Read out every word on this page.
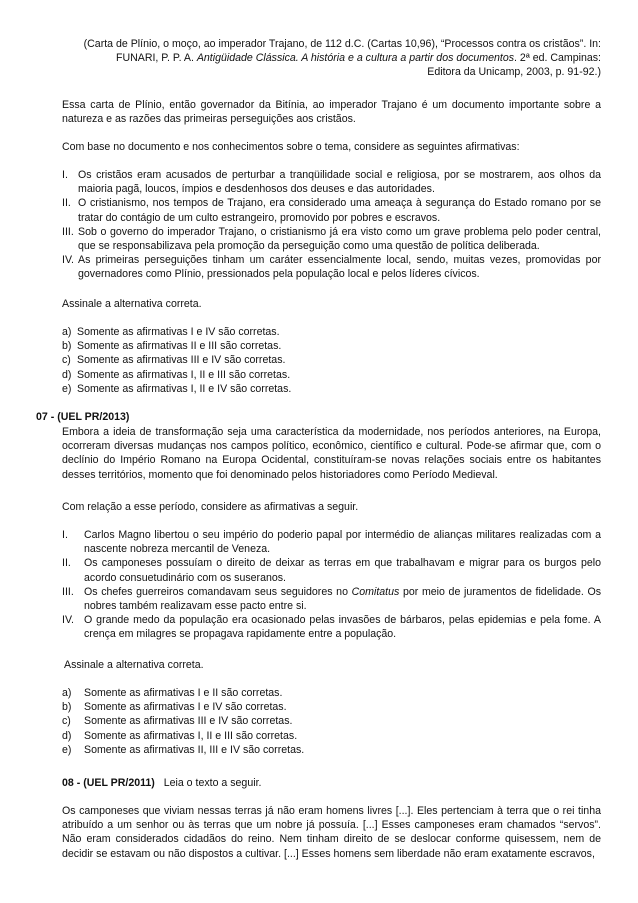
(Carta de Plínio, o moço, ao imperador Trajano, de 112 d.C. (Cartas 10,96), “Processos contra os cristãos”. In:

FUNARI, P. P. A. Antigüidade Clássica. A história e a cultura a partir dos documentos. 2ª ed. Campinas:

Editora da Unicamp, 2003, p. 91-92.)

Essa carta de Plínio, então governador da Bitínia, ao imperador Trajano é um documento importante sobre a natureza e as razões das primeiras perseguições aos cristãos.

Com base no documento e nos conhecimentos sobre o tema, considere as seguintes afirmativas:

I. Os cristãos eram acusados de perturbar a tranqüilidade social e religiosa, por se mostrarem, aos olhos da maioria pagã, loucos, ímpios e desdenhosos dos deuses e das autoridades.
II. O cristianismo, nos tempos de Trajano, era considerado uma ameaça à segurança do Estado romano por se tratar do contágio de um culto estrangeiro, promovido por pobres e escravos.
III. Sob o governo do imperador Trajano, o cristianismo já era visto como um grave problema pelo poder central, que se responsabilizava pela promoção da perseguição como uma questão de política deliberada.
IV. As primeiras perseguições tinham um caráter essencialmente local, sendo, muitas vezes, promovidas por governadores como Plínio, pressionados pela população local e pelos líderes cívicos.

Assinale a alternativa correta.

a) Somente as afirmativas I e IV são corretas.
b) Somente as afirmativas II e III são corretas.
c) Somente as afirmativas III e IV são corretas.
d) Somente as afirmativas I, II e III são corretas.
e) Somente as afirmativas I, II e IV são corretas.

07 - (UEL PR/2013)

Embora a ideia de transformação seja uma característica da modernidade, nos períodos anteriores, na Europa, ocorreram diversas mudanças nos campos político, econômico, científico e cultural. Pode-se afirmar que, com o declínio do Império Romano na Europa Ocidental, constituíram-se novas relações sociais entre os habitantes desses territórios, momento que foi denominado pelos historiadores como Período Medieval.

Com relação a esse período, considere as afirmativas a seguir.

I. Carlos Magno libertou o seu império do poderio papal por intermédio de alianças militares realizadas com a nascente nobreza mercantil de Veneza.
II. Os camponeses possuíam o direito de deixar as terras em que trabalhavam e migrar para os burgos pelo acordo consuetudinário com os suseranos.
III. Os chefes guerreiros comandavam seus seguidores no Comitatus por meio de juramentos de fidelidade. Os nobres também realizavam esse pacto entre si.
IV. O grande medo da população era ocasionado pelas invasões de bárbaros, pelas epidemias e pela fome. A crença em milagres se propagava rapidamente entre a população.

Assinale a alternativa correta.

a) Somente as afirmativas I e II são corretas.
b) Somente as afirmativas I e IV são corretas.
c) Somente as afirmativas III e IV são corretas.
d) Somente as afirmativas I, II e III são corretas.
e) Somente as afirmativas II, III e IV são corretas.

08 - (UEL PR/2011) Leia o texto a seguir.

Os camponeses que viviam nessas terras já não eram homens livres [...]. Eles pertenciam à terra que o rei tinha atribuído a um senhor ou às terras que um nobre já possuía. [...] Esses camponeses eram chamados “servos”. Não eram considerados cidadãos do reino. Nem tinham direito de se deslocar conforme quisessem, nem de decidir se estavam ou não dispostos a cultivar. [...] Esses homens sem liberdade não eram exatamente escravos,
